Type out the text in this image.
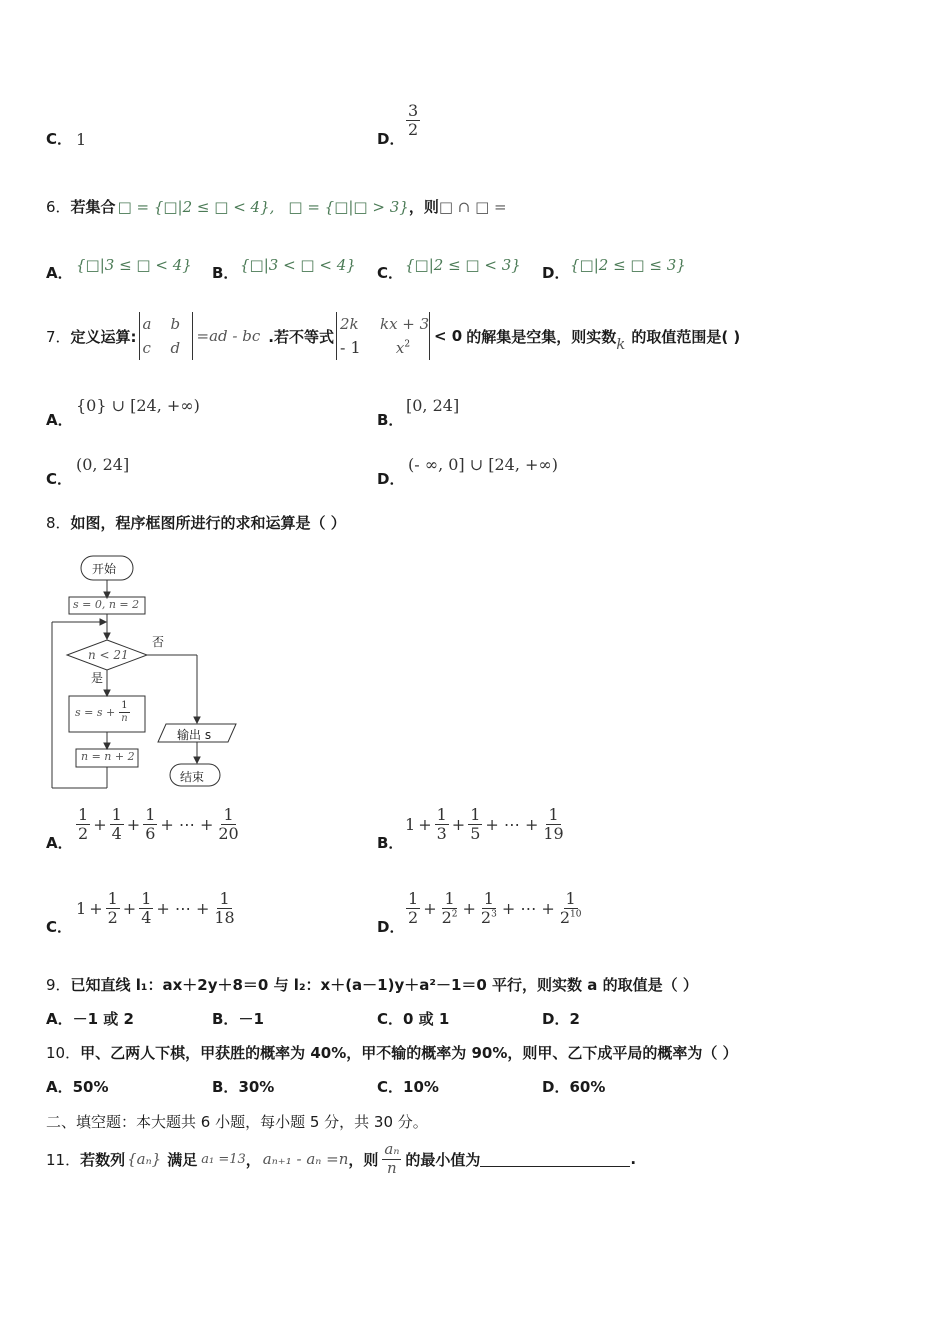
C． 1	D． $\frac{3}{2}$
6． 若集合 □ = {□|2 ≤ □ < 4}, □ = {□|□ > 3} ，则 □ ∩ □ =
A． {□|3 ≤ □ < 4} B． {□|3 < □ < 4} C． {□|2 ≤ □ < 3} D． {□|2 ≤ □ ≤ 3}
7． 定义运算:
a	b
c	d
=ad - bc .若不等式
2k	kx + 3
- 1	$x^2$	< 0 的解集是空集，则实数 k 的取值范围是( )
A．
{0} ∪ [24, +∞)
B．
[0, 24]
C．
(0, 24]
D．
(- ∞, 0] ∪ [24, +∞)
8．如图，程序框图所进行的求和运算是（ ）
开始
s = 0, n = 2
n < 21
否
是
$s = s + \frac{1}{n}$
n = n + 2
输出 s
结束
A． $\frac{1}{2} + \frac{1}{4} + \frac{1}{6}$ + ⋯ + $\frac{1}{20}$	B．
$1 + \frac{1}{3} + \frac{1}{5}$ + ⋯ + $\frac{1}{19}$
C．
$1 + \frac{1}{2} + \frac{1}{4}$ + ⋯ + $\frac{1}{18}$	D． $\frac{1}{2} + \frac{1}{2^2} + \frac{1}{2^3}$ + ⋯ + $\frac{1}{2^{10}}$
9．已知直线 l₁：ax＋2y＋8＝0 与 l₂：x＋(a－1)y＋a²－1＝0 平行，则实数 a 的取值是（ ）
A．－1 或 2	B．－1	C．0 或 1	D．2
10．甲、乙两人下棋，甲获胜的概率为 40%，甲不输的概率为 90%，则甲、乙下成平局的概率为（ ）
A．50%	B．30%	C．10%	D．60%
二、填空题：本大题共 6 小题，每小题 5 分，共 30 分。
11． 若数列 {aₙ} 满足 a₁ =13 ， aₙ₊₁ - aₙ =n ，则 $\frac{\text{aₙ}}{n}$ 的最小值为	.
